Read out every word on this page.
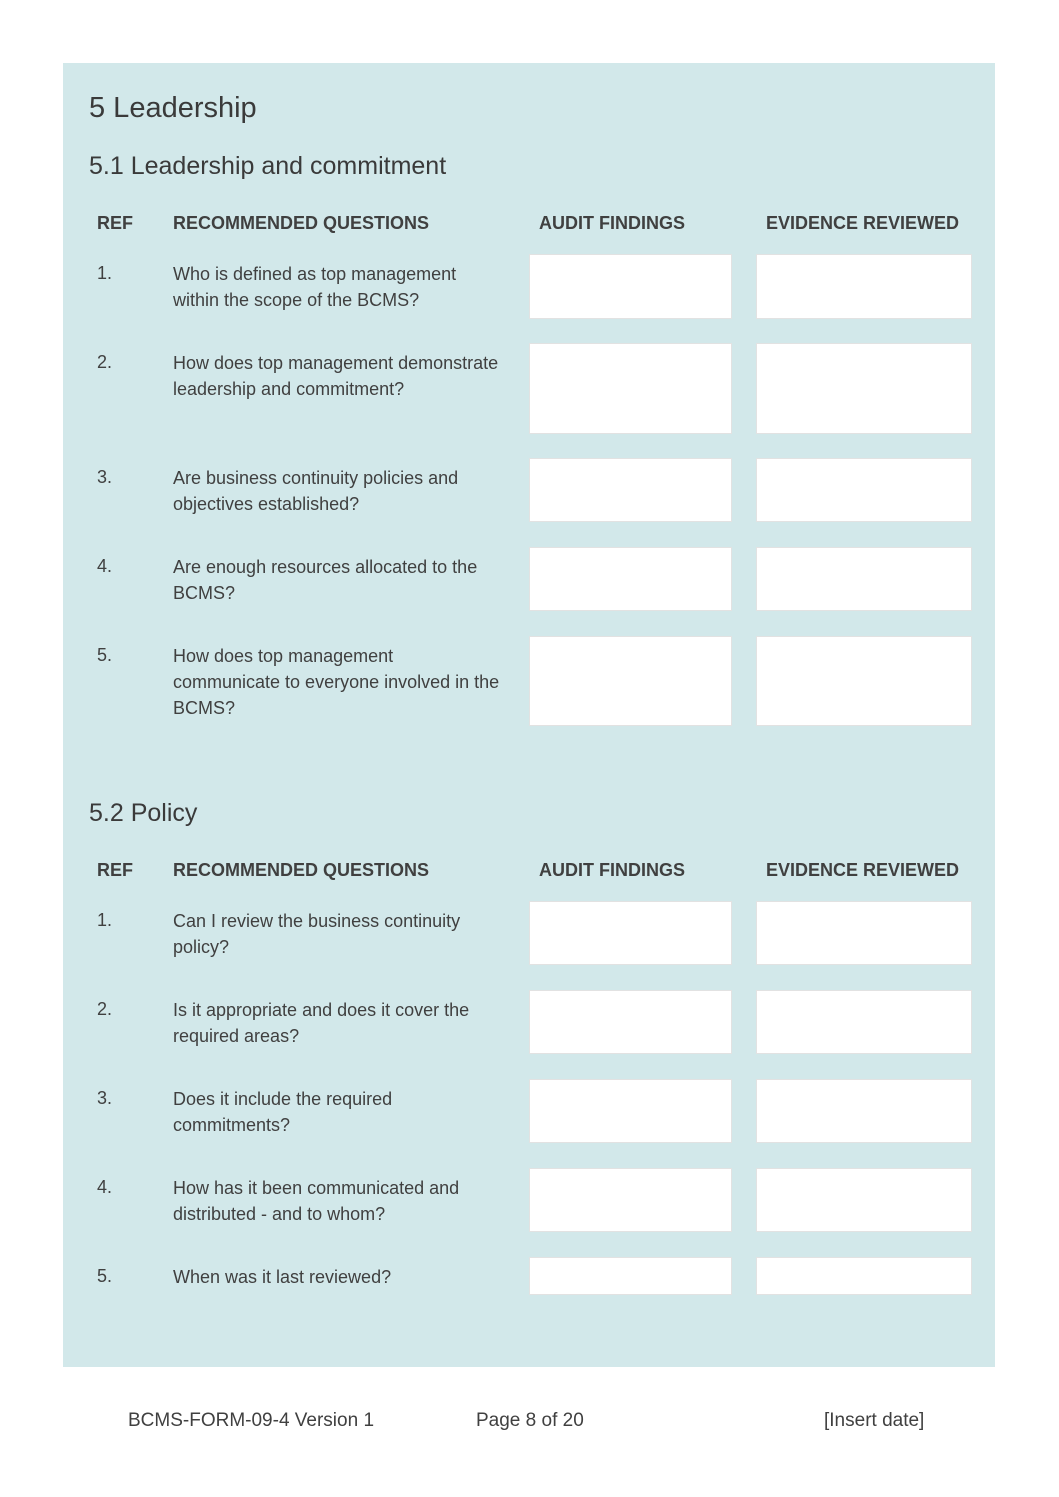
5 Leadership
5.1 Leadership and commitment
REF RECOMMENDED QUESTIONS	AUDIT FINDINGS	EVIDENCE REVIEWED
1.	Who is defined as top management within the scope of the BCMS?
2.	How does top management demonstrate leadership and commitment?
3.	Are business continuity policies and objectives established?
4.	Are enough resources allocated to the BCMS?
5.	How does top management communicate to everyone involved in the BCMS?
5.2 Policy
REF RECOMMENDED QUESTIONS	AUDIT FINDINGS	EVIDENCE REVIEWED
1.	Can I review the business continuity policy?
2.	Is it appropriate and does it cover the required areas?
3.	Does it include the required commitments?
4.	How has it been communicated and distributed - and to whom?
5.	When was it last reviewed?
BCMS-FORM-09-4 Version 1	Page 8 of 20	[Insert date]
